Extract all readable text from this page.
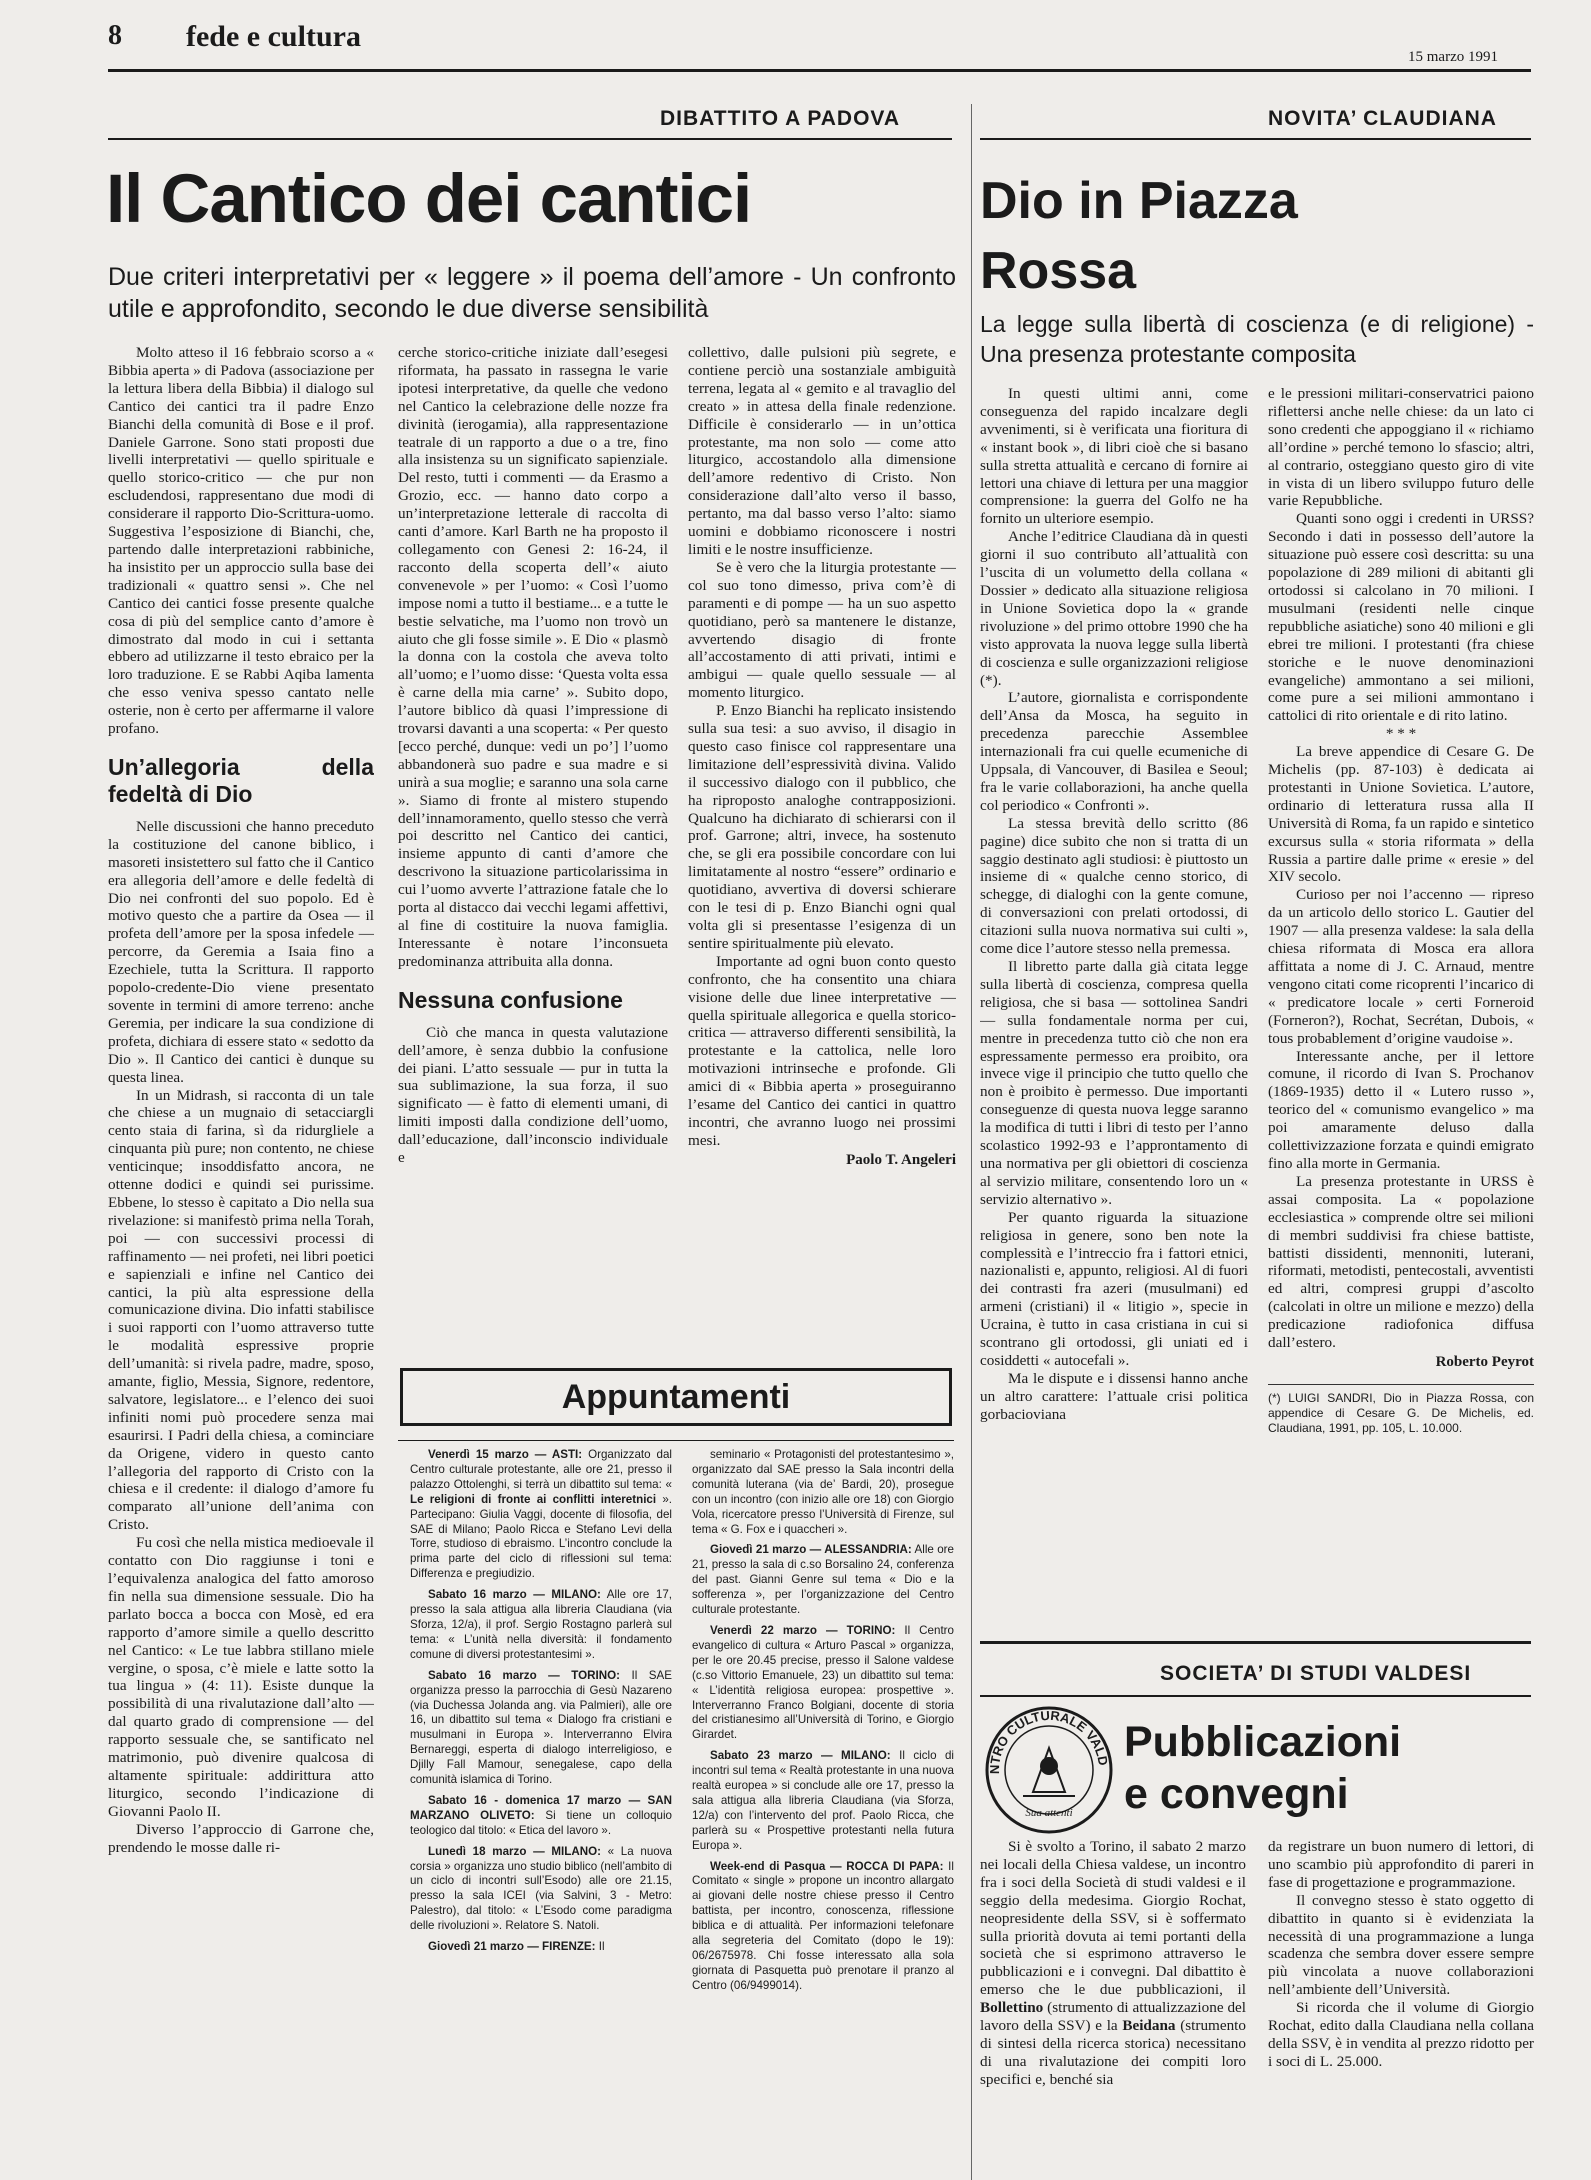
8 fede e cultura
15 marzo 1991
DIBATTITO A PADOVA
Il Cantico dei cantici
Due criteri interpretativi per « leggere » il poema dell’amore - Un confronto utile e approfondito, secondo le due diverse sensibilità

Molto atteso il 16 febbraio scorso a « Bibbia aperta » di Padova (associazione per la lettura libera della Bibbia) il dialogo sul Cantico dei cantici tra il padre Enzo Bianchi della comunità di Bose e il prof. Daniele Garrone. Sono stati proposti due livelli interpretativi — quello spirituale e quello storico-critico — che pur non escludendosi, rappresentano due modi di considerare il rapporto Dio-Scrittura-uomo. Suggestiva l’esposizione di Bianchi, che, partendo dalle interpretazioni rabbiniche, ha insistito per un approccio sulla base dei tradizionali « quattro sensi ». Che nel Cantico dei cantici fosse presente qualche cosa di più del semplice canto d’amore è dimostrato dal modo in cui i settanta ebbero ad utilizzarne il testo ebraico per la loro traduzione. E se Rabbi Aqiba lamenta che esso veniva spesso cantato nelle osterie, non è certo per affermarne il valore profano.

Un’allegoria della fedeltà di Dio

Nelle discussioni che hanno preceduto la costituzione del canone biblico, i masoreti insistettero sul fatto che il Cantico era allegoria dell’amore e delle fedeltà di Dio nei confronti del suo popolo. Ed è motivo questo che a partire da Osea — il profeta dell’amore per la sposa infedele — percorre, da Geremia a Isaia fino a Ezechiele, tutta la Scrittura. Il rapporto popolo-credente-Dio viene presentato sovente in termini di amore terreno: anche Geremia, per indicare la sua condizione di profeta, dichiara di essere stato « sedotto da Dio ». Il Cantico dei cantici è dunque su questa linea.

In un Midrash, si racconta di un tale che chiese a un mugnaio di setacciargli cento staia di farina, sì da ridurgliele a cinquanta più pure; non contento, ne chiese venticinque; insoddisfatto ancora, ne ottenne dodici e quindi sei purissime. Ebbene, lo stesso è capitato a Dio nella sua rivelazione: si manifestò prima nella Torah, poi — con successivi processi di raffinamento — nei profeti, nei libri poetici e sapienziali e infine nel Cantico dei cantici, la più alta espressione della comunicazione divina. Dio infatti stabilisce i suoi rapporti con l’uomo attraverso tutte le modalità espressive proprie dell’umanità: si rivela padre, madre, sposo, amante, figlio, Messia, Signore, redentore, salvatore, legislatore... e l’elenco dei suoi infiniti nomi può procedere senza mai esaurirsi. I Padri della chiesa, a cominciare da Origene, videro in questo canto l’allegoria del rapporto di Cristo con la chiesa e il credente: il dialogo d’amore fu comparato all’unione dell’anima con Cristo.

Fu così che nella mistica medioevale il contatto con Dio raggiunse i toni e l’equivalenza analogica del fatto amoroso fin nella sua dimensione sessuale. Dio ha parlato bocca a bocca con Mosè, ed era rapporto d’amore simile a quello descritto nel Cantico: « Le tue labbra stillano miele vergine, o sposa, c’è miele e latte sotto la tua lingua » (4: 11). Esiste dunque la possibilità di una rivalutazione dall’alto — dal quarto grado di comprensione — del rapporto sessuale che, se santificato nel matrimonio, può divenire qualcosa di altamente spirituale: addirittura atto liturgico, secondo l’indicazione di Giovanni Paolo II.

Diverso l’approccio di Garrone che, prendendo le mosse dalle ri-

cerche storico-critiche iniziate dall’esegesi riformata, ha passato in rassegna le varie ipotesi interpretative, da quelle che vedono nel Cantico la celebrazione delle nozze fra divinità (ierogamia), alla rappresentazione teatrale di un rapporto a due o a tre, fino alla insistenza su un significato sapienziale. Del resto, tutti i commenti — da Erasmo a Grozio, ecc. — hanno dato corpo a un’interpretazione letterale di raccolta di canti d’amore. Karl Barth ne ha proposto il collegamento con Genesi 2: 16-24, il racconto della scoperta dell’« aiuto convenevole » per l’uomo: « Così l’uomo impose nomi a tutto il bestiame... e a tutte le bestie selvatiche, ma l’uomo non trovò un aiuto che gli fosse simile ». E Dio « plasmò la donna con la costola che aveva tolto all’uomo; e l’uomo disse: ‘Questa volta essa è carne della mia carne’ ». Subito dopo, l’autore biblico dà quasi l’impressione di trovarsi davanti a una scoperta: « Per questo [ecco perché, dunque: vedi un po’] l’uomo abbandonerà suo padre e sua madre e si unirà a sua moglie; e saranno una sola carne ». Siamo di fronte al mistero stupendo dell’innamoramento, quello stesso che verrà poi descritto nel Cantico dei cantici, insieme appunto di canti d’amore che descrivono la situazione particolarissima in cui l’uomo avverte l’attrazione fatale che lo porta al distacco dai vecchi legami affettivi, al fine di costituire la nuova famiglia. Interessante è notare l’inconsueta predominanza attribuita alla donna.

Nessuna confusione

Ciò che manca in questa valutazione dell’amore, è senza dubbio la confusione dei piani. L’atto sessuale — pur in tutta la sua sublimazione, la sua forza, il suo significato — è fatto di elementi umani, di limiti imposti dalla condizione dell’uomo, dall’educazione, dall’inconscio individuale e

collettivo, dalle pulsioni più segrete, e contiene perciò una sostanziale ambiguità terrena, legata al « gemito e al travaglio del creato » in attesa della finale redenzione. Difficile è considerarlo — in un’ottica protestante, ma non solo — come atto liturgico, accostandolo alla dimensione dell’amore redentivo di Cristo. Non considerazione dall’alto verso il basso, pertanto, ma dal basso verso l’alto: siamo uomini e dobbiamo riconoscere i nostri limiti e le nostre insufficienze.

Se è vero che la liturgia protestante — col suo tono dimesso, priva com’è di paramenti e di pompe — ha un suo aspetto quotidiano, però sa mantenere le distanze, avvertendo disagio di fronte all’accostamento di atti privati, intimi e ambigui — quale quello sessuale — al momento liturgico.

P. Enzo Bianchi ha replicato insistendo sulla sua tesi: a suo avviso, il disagio in questo caso finisce col rappresentare una limitazione dell’espressività divina. Valido il successivo dialogo con il pubblico, che ha riproposto analoghe contrapposizioni. Qualcuno ha dichiarato di schierarsi con il prof. Garrone; altri, invece, ha sostenuto che, se gli era possibile concordare con lui limitatamente al nostro “essere” ordinario e quotidiano, avvertiva di doversi schierare con le tesi di p. Enzo Bianchi ogni qual volta gli si presentasse l’esigenza di un sentire spiritualmente più elevato.

Importante ad ogni buon conto questo confronto, che ha consentito una chiara visione delle due linee interpretative — quella spirituale allegorica e quella storico-critica — attraverso differenti sensibilità, la protestante e la cattolica, nelle loro motivazioni intrinseche e profonde. Gli amici di « Bibbia aperta » proseguiranno l’esame del Cantico dei cantici in quattro incontri, che avranno luogo nei prossimi mesi.

Paolo T. Angeleri
Appuntamenti

Venerdì 15 marzo — ASTI: Organizzato dal Centro culturale protestante, alle ore 21, presso il palazzo Ottolenghi, si terrà un dibattito sul tema: « Le religioni di fronte ai conflitti interetnici ». Partecipano: Giulia Vaggi, docente di filosofia, del SAE di Milano; Paolo Ricca e Stefano Levi della Torre, studioso di ebraismo. L’incontro conclude la prima parte del ciclo di riflessioni sul tema: Differenza e pregiudizio.

Sabato 16 marzo — MILANO: Alle ore 17, presso la sala attigua alla libreria Claudiana (via Sforza, 12/a), il prof. Sergio Rostagno parlerà sul tema: « L’unità nella diversità: il fondamento comune di diversi protestantesimi ».

Sabato 16 marzo — TORINO: Il SAE organizza presso la parrocchia di Gesù Nazareno (via Duchessa Jolanda ang. via Palmieri), alle ore 16, un dibattito sul tema « Dialogo fra cristiani e musulmani in Europa ». Interverranno Elvira Bernareggi, esperta di dialogo interreligioso, e Djilly Fall Mamour, senegalese, capo della comunità islamica di Torino.

Sabato 16 - domenica 17 marzo — SAN MARZANO OLIVETO: Si tiene un colloquio teologico dal titolo: « Etica del lavoro ».

Lunedì 18 marzo — MILANO: « La nuova corsia » organizza uno studio biblico (nell’ambito di un ciclo di incontri sull’Esodo) alle ore 21.15, presso la sala ICEI (via Salvini, 3 - Metro: Palestro), dal titolo: « L’Esodo come paradigma delle rivoluzioni ». Relatore S. Natoli.

Giovedì 21 marzo — FIRENZE: Il

seminario « Protagonisti del protestantesimo », organizzato dal SAE presso la Sala incontri della comunità luterana (via de’ Bardi, 20), prosegue con un incontro (con inizio alle ore 18) con Giorgio Vola, ricercatore presso l’Università di Firenze, sul tema « G. Fox e i quaccheri ».

Giovedì 21 marzo — ALESSANDRIA: Alle ore 21, presso la sala di c.so Borsalino 24, conferenza del past. Gianni Genre sul tema « Dio e la sofferenza », per l’organizzazione del Centro culturale protestante.

Venerdì 22 marzo — TORINO: Il Centro evangelico di cultura « Arturo Pascal » organizza, per le ore 20.45 precise, presso il Salone valdese (c.so Vittorio Emanuele, 23) un dibattito sul tema: « L’identità religiosa europea: prospettive ». Interverranno Franco Bolgiani, docente di storia del cristianesimo all’Università di Torino, e Giorgio Girardet.

Sabato 23 marzo — MILANO: Il ciclo di incontri sul tema « Realtà protestante in una nuova realtà europea » si conclude alle ore 17, presso la sala attigua alla libreria Claudiana (via Sforza, 12/a) con l’intervento del prof. Paolo Ricca, che parlerà su « Prospettive protestanti nella futura Europa ».

Week-end di Pasqua — ROCCA DI PAPA: Il Comitato « single » propone un incontro allargato ai giovani delle nostre chiese presso il Centro battista, per incontro, conoscenza, riflessione biblica e di attualità. Per informazioni telefonare alla segreteria del Comitato (dopo le 19): 06/2675978. Chi fosse interessato alla sola giornata di Pasquetta può prenotare il pranzo al Centro (06/9499014).

NOVITA’ CLAUDIANA
Dio in Piazza Rossa
La legge sulla libertà di coscienza (e di religione) - Una presenza protestante composita

In questi ultimi anni, come conseguenza del rapido incalzare degli avvenimenti, si è verificata una fioritura di « instant book », di libri cioè che si basano sulla stretta attualità e cercano di fornire ai lettori una chiave di lettura per una maggior comprensione: la guerra del Golfo ne ha fornito un ulteriore esempio.

Anche l’editrice Claudiana dà in questi giorni il suo contributo all’attualità con l’uscita di un volumetto della collana « Dossier » dedicato alla situazione religiosa in Unione Sovietica dopo la « grande rivoluzione » del primo ottobre 1990 che ha visto approvata la nuova legge sulla libertà di coscienza e sulle organizzazioni religiose (*).

L’autore, giornalista e corrispondente dell’Ansa da Mosca, ha seguito in precedenza parecchie Assemblee internazionali fra cui quelle ecumeniche di Uppsala, di Vancouver, di Basilea e Seoul; fra le varie collaborazioni, ha anche quella col periodico « Confronti ».

La stessa brevità dello scritto (86 pagine) dice subito che non si tratta di un saggio destinato agli studiosi: è piuttosto un insieme di « qualche cenno storico, di schegge, di dialoghi con la gente comune, di conversazioni con prelati ortodossi, di citazioni sulla nuova normativa sui culti », come dice l’autore stesso nella premessa.

Il libretto parte dalla già citata legge sulla libertà di coscienza, compresa quella religiosa, che si basa — sottolinea Sandri — sulla fondamentale norma per cui, mentre in precedenza tutto ciò che non era espressamente permesso era proibito, ora invece vige il principio che tutto quello che non è proibito è permesso. Due importanti conseguenze di questa nuova legge saranno la modifica di tutti i libri di testo per l’anno scolastico 1992-93 e l’approntamento di una normativa per gli obiettori di coscienza al servizio militare, consentendo loro un « servizio alternativo ».

Per quanto riguarda la situazione religiosa in genere, sono ben note la complessità e l’intreccio fra i fattori etnici, nazionalisti e, appunto, religiosi. Al di fuori dei contrasti fra azeri (musulmani) ed armeni (cristiani) il « litigio », specie in Ucraina, è tutto in casa cristiana in cui si scontrano gli ortodossi, gli uniati ed i cosiddetti « autocefali ».

Ma le dispute e i dissensi hanno anche un altro carattere: l’attuale crisi politica gorbacioviana

e le pressioni militari-conservatrici paiono riflettersi anche nelle chiese: da un lato ci sono credenti che appoggiano il « richiamo all’ordine » perché temono lo sfascio; altri, al contrario, osteggiano questo giro di vite in vista di un libero sviluppo futuro delle varie Repubbliche.

Quanti sono oggi i credenti in URSS? Secondo i dati in possesso dell’autore la situazione può essere così descritta: su una popolazione di 289 milioni di abitanti gli ortodossi si calcolano in 70 milioni. I musulmani (residenti nelle cinque repubbliche asiatiche) sono 40 milioni e gli ebrei tre milioni. I protestanti (fra chiese storiche e le nuove denominazioni evangeliche) ammontano a sei milioni, come pure a sei milioni ammontano i cattolici di rito orientale e di rito latino.

* * *

La breve appendice di Cesare G. De Michelis (pp. 87-103) è dedicata ai protestanti in Unione Sovietica. L’autore, ordinario di letteratura russa alla II Università di Roma, fa un rapido e sintetico excursus sulla « storia riformata » della Russia a partire dalle prime « eresie » del XIV secolo.

Curioso per noi l’accenno — ripreso da un articolo dello storico L. Gautier del 1907 — alla presenza valdese: la sala della chiesa riformata di Mosca era allora affittata a nome di J. C. Arnaud, mentre vengono citati come ricoprenti l’incarico di « predicatore locale » certi Forneroid (Forneron?), Rochat, Secrétan, Dubois, « tous probablement d’origine vaudoise ».

Interessante anche, per il lettore comune, il ricordo di Ivan S. Prochanov (1869-1935) detto il « Lutero russo », teorico del « comunismo evangelico » ma poi amaramente deluso dalla collettivizzazione forzata e quindi emigrato fino alla morte in Germania.

La presenza protestante in URSS è assai composita. La « popolazione ecclesiastica » comprende oltre sei milioni di membri suddivisi fra chiese battiste, battisti dissidenti, mennoniti, luterani, riformati, metodisti, pentecostali, avventisti ed altri, compresi gruppi d’ascolto (calcolati in oltre un milione e mezzo) della predicazione radiofonica diffusa dall’estero.

Roberto Peyrot

(*) LUIGI SANDRI, Dio in Piazza Rossa, con appendice di Cesare G. De Michelis, ed. Claudiana, 1991, pp. 105, L. 10.000.

SOCIETA’ DI STUDI VALDESI
NTRO CULTURALE VALD
Sua attenti
Pubblicazioni e convegni

Si è svolto a Torino, il sabato 2 marzo nei locali della Chiesa valdese, un incontro fra i soci della Società di studi valdesi e il seggio della medesima. Giorgio Rochat, neopresidente della SSV, si è soffermato sulla priorità dovuta ai temi portanti della società che si esprimono attraverso le pubblicazioni e i convegni. Dal dibattito è emerso che le due pubblicazioni, il Bollettino (strumento di attualizzazione del lavoro della SSV) e la Beidana (strumento di sintesi della ricerca storica) necessitano di una rivalutazione dei compiti loro specifici e, benché sia

da registrare un buon numero di lettori, di uno scambio più approfondito di pareri in fase di progettazione e programmazione.

Il convegno stesso è stato oggetto di dibattito in quanto si è evidenziata la necessità di una programmazione a lunga scadenza che sembra dover essere sempre più vincolata a nuove collaborazioni nell’ambiente dell’Università.

Si ricorda che il volume di Giorgio Rochat, edito dalla Claudiana nella collana della SSV, è in vendita al prezzo ridotto per i soci di L. 25.000.
